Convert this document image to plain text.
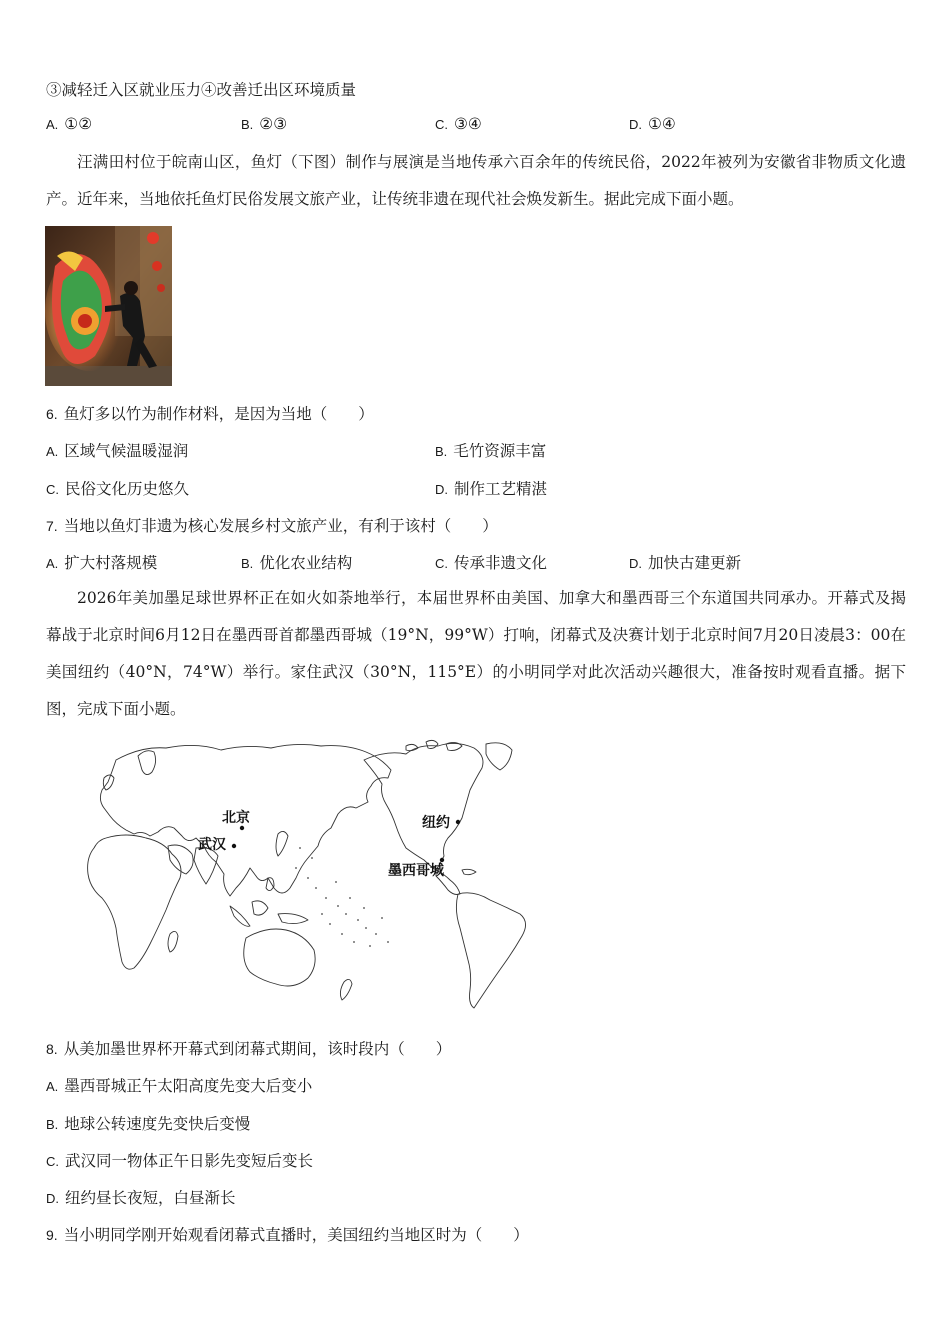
③减轻迁入区就业压力④改善迁出区环境质量
A. ①②	B. ②③	C. ③④	D. ①④

汪满田村位于皖南山区，鱼灯（下图）制作与展演是当地传承六百余年的传统民俗，2022年被列为安徽省非物质文化遗产。近年来，当地依托鱼灯民俗发展文旅产业，让传统非遗在现代社会焕发新生。据此完成下面小题。

6. 鱼灯多以竹为制作材料，是因为当地（　　）
A. 区域气候温暖湿润	B. 毛竹资源丰富
C. 民俗文化历史悠久	D. 制作工艺精湛
7. 当地以鱼灯非遗为核心发展乡村文旅产业，有利于该村（　　）
A. 扩大村落规模	B. 优化农业结构	C. 传承非遗文化	D. 加快古建更新

2026年美加墨足球世界杯正在如火如荼地举行，本届世界杯由美国、加拿大和墨西哥三个东道国共同承办。开幕式及揭幕战于北京时间6月12日在墨西哥首都墨西哥城（19°N，99°W）打响，闭幕式及决赛计划于北京时间7月20日凌晨3：00在美国纽约（40°N，74°W）举行。家住武汉（30°N，115°E）的小明同学对此次活动兴趣很大，准备按时观看直播。据下图，完成下面小题。

北京
武汉
纽约
墨西哥城
8. 从美加墨世界杯开幕式到闭幕式期间，该时段内（　　）
A. 墨西哥城正午太阳高度先变大后变小
B. 地球公转速度先变快后变慢
C. 武汉同一物体正午日影先变短后变长
D. 纽约昼长夜短，白昼渐长
9. 当小明同学刚开始观看闭幕式直播时，美国纽约当地区时为（　　）
